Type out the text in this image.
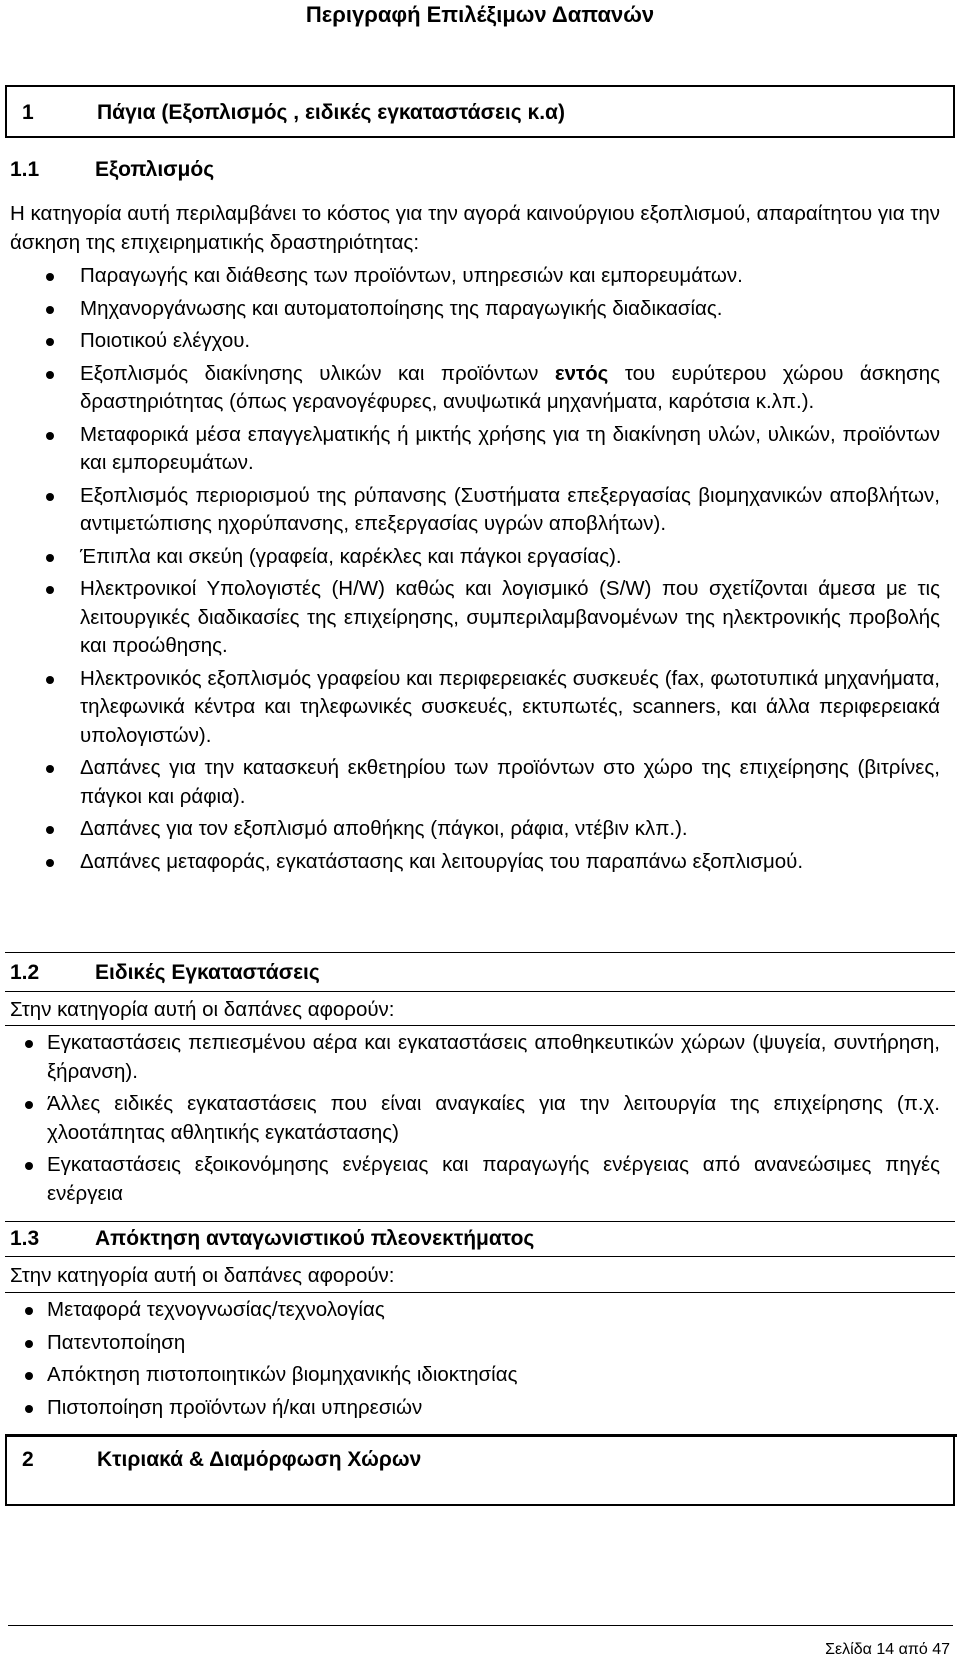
Περιγραφή Επιλέξιμων Δαπανών
1	Πάγια (Εξοπλισμός , ειδικές εγκαταστάσεις κ.α)
1.1	Εξοπλισμός
Η κατηγορία αυτή περιλαμβάνει το κόστος για την αγορά καινούργιου εξοπλισμού, απαραίτητου για την άσκηση της επιχειρηματικής δραστηριότητας:
Παραγωγής και διάθεσης των προϊόντων, υπηρεσιών και εμπορευμάτων.
Μηχανοργάνωσης και αυτοματοποίησης της παραγωγικής διαδικασίας.
Ποιοτικού ελέγχου.
Εξοπλισμός διακίνησης υλικών και προϊόντων εντός του ευρύτερου χώρου άσκησης δραστηριότητας (όπως γερανογέφυρες, ανυψωτικά μηχανήματα, καρότσια κ.λπ.).
Μεταφορικά μέσα επαγγελματικής ή μικτής χρήσης για τη διακίνηση υλών, υλικών, προϊόντων και εμπορευμάτων.
Εξοπλισμός περιορισμού της ρύπανσης (Συστήματα επεξεργασίας βιομηχανικών αποβλήτων, αντιμετώπισης ηχορύπανσης, επεξεργασίας υγρών αποβλήτων).
Έπιπλα και σκεύη (γραφεία, καρέκλες και πάγκοι εργασίας).
Ηλεκτρονικοί Υπολογιστές (H/W) καθώς και λογισμικό (S/W) που σχετίζονται άμεσα με τις λειτουργικές διαδικασίες της επιχείρησης, συμπεριλαμβανομένων της ηλεκτρονικής προβολής και προώθησης.
Ηλεκτρονικός εξοπλισμός γραφείου και περιφερειακές συσκευές (fax, φωτοτυπικά μηχανήματα, τηλεφωνικά κέντρα και τηλεφωνικές συσκευές, εκτυπωτές, scanners, και άλλα περιφερειακά υπολογιστών).
Δαπάνες για την κατασκευή εκθετηρίου των προϊόντων στο χώρο της επιχείρησης (βιτρίνες, πάγκοι και ράφια).
Δαπάνες για τον εξοπλισμό αποθήκης (πάγκοι, ράφια, ντέβιν κλπ.).
Δαπάνες μεταφοράς, εγκατάστασης και λειτουργίας του παραπάνω εξοπλισμού.
1.2	Ειδικές Εγκαταστάσεις
Στην κατηγορία αυτή οι δαπάνες αφορούν:
Εγκαταστάσεις πεπιεσμένου αέρα και εγκαταστάσεις αποθηκευτικών χώρων (ψυγεία, συντήρηση, ξήρανση).
Άλλες ειδικές εγκαταστάσεις που είναι αναγκαίες για την λειτουργία της επιχείρησης (π.χ. χλοοτάπητας αθλητικής εγκατάστασης)
Εγκαταστάσεις εξοικονόμησης ενέργειας και παραγωγής ενέργειας από ανανεώσιμες πηγές ενέργεια
1.3	Απόκτηση ανταγωνιστικού πλεονεκτήματος
Στην κατηγορία αυτή οι δαπάνες αφορούν:
Μεταφορά τεχνογνωσίας/τεχνολογίας
Πατεντοποίηση
Απόκτηση πιστοποιητικών βιομηχανικής ιδιοκτησίας
Πιστοποίηση προϊόντων ή/και υπηρεσιών
2	Κτιριακά & Διαμόρφωση Χώρων
Σελίδα 14 από 47
